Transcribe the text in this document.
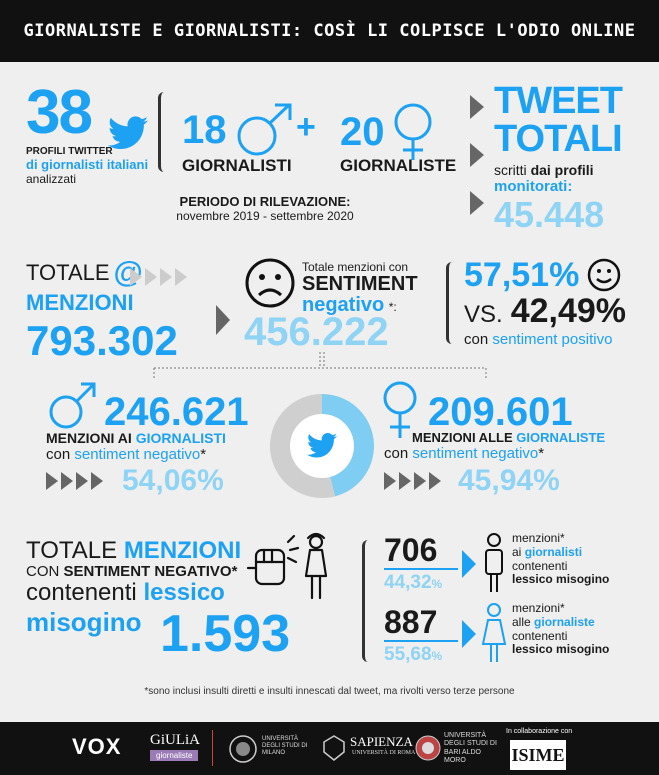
GIORNALISTE E GIORNALISTI: COSÌ LI COLPISCE L'ODIO ONLINE
38
PROFILI TWITTER
di giornalisti italiani
analizzati
18
GIORNALISTI
+ 20
GIORNALISTE
PERIODO DI RILEVAZIONE:
novembre 2019 - settembre 2020
TWEET
TOTALI
scritti dai profili
monitorati:
45.448
TOTALE @
MENZIONI
793.302
Totale menzioni con
SENTIMENT
negativo *:
456.222
57,51%
VS. 42,49%
con sentiment positivo
246.621
MENZIONI AI GIORNALISTI
con sentiment negativo*
54,06%
209.601
MENZIONI ALLE GIORNALISTE
con sentiment negativo*
45,94%
TOTALE MENZIONI
CON SENTIMENT NEGATIVO*
contenenti lessico
misogino 1.593
706
44,32%
menzioni*
ai giornalisti
contenenti
lessico misogino
887
55,68%
menzioni*
alle giornaliste
contenenti
lessico misogino
*sono inclusi insulti diretti e insulti innescati dal tweet, ma rivolti verso terze persone
VOX GiULiA
giornaliste
UNIVERSITÀ DEGLI STUDI DI MILANO
SAPIENZA
UNIVERSITÀ DI ROMA
UNIVERSITÀ DEGLI STUDI DI BARI ALDO MORO
In collaborazione con
ISIME
